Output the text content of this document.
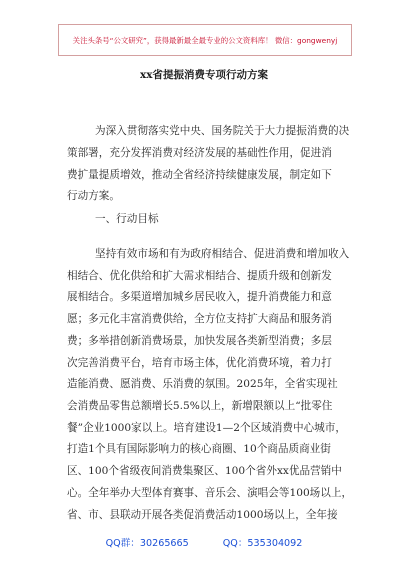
关注头条号“公文研究”，获得最新最全最专业的公文资料库！ 微信：gongwenyj
xx省提振消费专项行动方案
为深入贯彻落实党中央、国务院关于大力提振消费的决
策部署，充分发挥消费对经济发展的基础性作用，促进消
费扩量提质增效，推动全省经济持续健康发展，制定如下
行动方案。
一、行动目标
坚持有效市场和有为政府相结合、促进消费和增加收入
相结合、优化供给和扩大需求相结合、提质升级和创新发
展相结合。多渠道增加城乡居民收入，提升消费能力和意
愿；多元化丰富消费供给，全方位支持扩大商品和服务消
费；多举措创新消费场景，加快发展各类新型消费；多层
次完善消费平台，培育市场主体，优化消费环境，着力打
造能消费、愿消费、乐消费的氛围。2025年，全省实现社
会消费品零售总额增长5.5%以上，新增限额以上“批零住
餐”企业1000家以上。培育建设1—2个区域消费中心城市，
打造1个具有国际影响力的核心商圈、10个商品质商业街
区、100个省级夜间消费集聚区、100个省外xx优品营销中
心。全年举办大型体育赛事、音乐会、演唱会等100场以上，
省、市、县联动开展各类促消费活动1000场以上，全年接
QQ群：30265665	QQ：535304092
